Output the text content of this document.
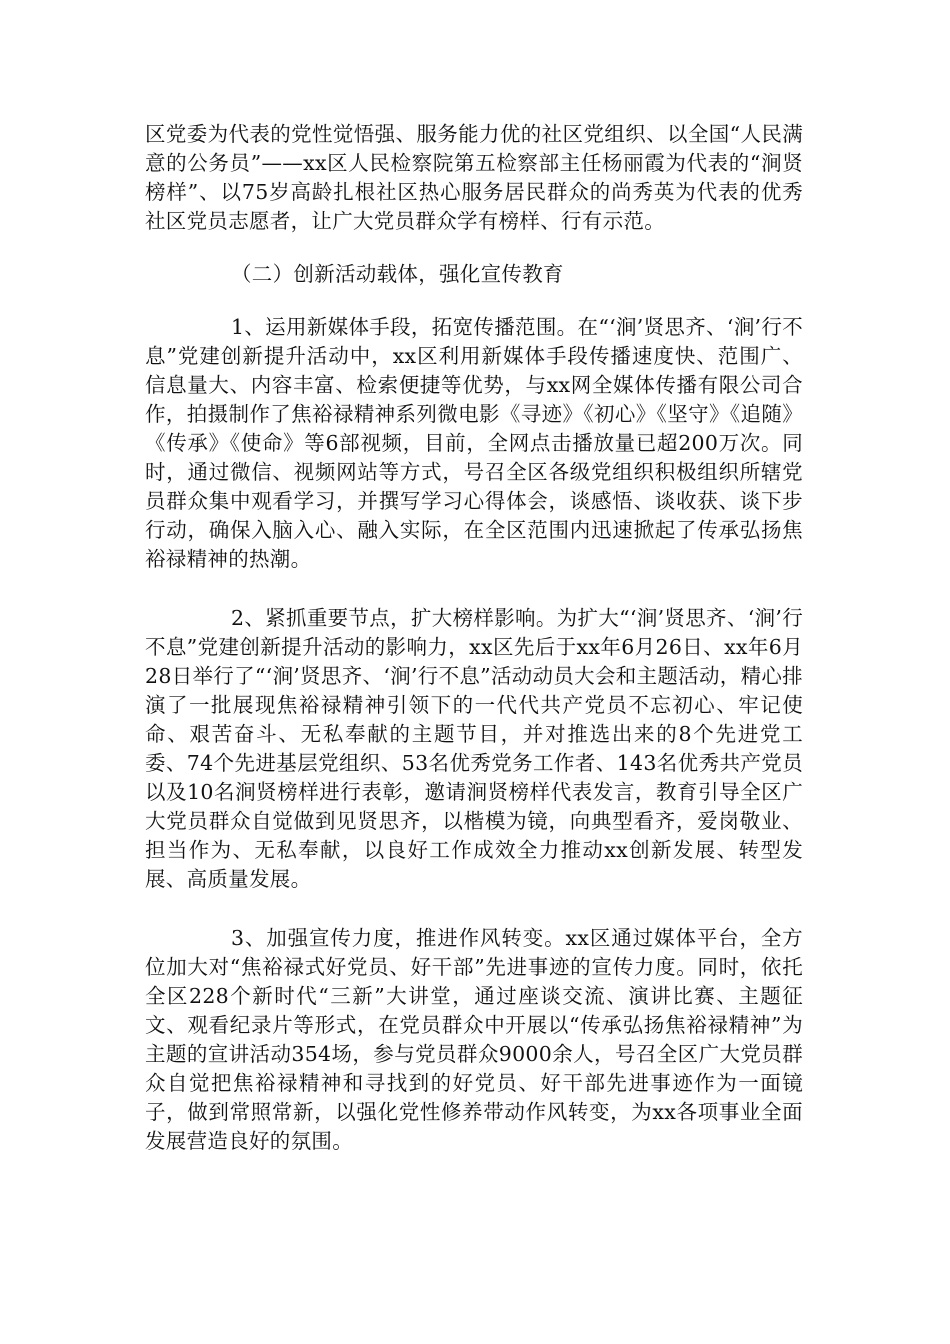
区党委为代表的党性觉悟强、服务能力优的社区党组织、以全国“人民满意的公务员”——xx区人民检察院第五检察部主任杨丽霞为代表的“涧贤榜样”、以75岁高龄扎根社区热心服务居民群众的尚秀英为代表的优秀社区党员志愿者，让广大党员群众学有榜样、行有示范。

（二）创新活动载体，强化宣传教育

1、运用新媒体手段，拓宽传播范围。在“‘涧’贤思齐、‘涧’行不息”党建创新提升活动中，xx区利用新媒体手段传播速度快、范围广、信息量大、内容丰富、检索便捷等优势，与xx网全媒体传播有限公司合作，拍摄制作了焦裕禄精神系列微电影《寻迹》《初心》《坚守》《追随》《传承》《使命》等6部视频，目前，全网点击播放量已超200万次。同时，通过微信、视频网站等方式，号召全区各级党组织积极组织所辖党员群众集中观看学习，并撰写学习心得体会，谈感悟、谈收获、谈下步行动，确保入脑入心、融入实际，在全区范围内迅速掀起了传承弘扬焦裕禄精神的热潮。

2、紧抓重要节点，扩大榜样影响。为扩大“‘涧’贤思齐、‘涧’行不息”党建创新提升活动的影响力，xx区先后于xx年6月26日、xx年6月28日举行了“‘涧’贤思齐、‘涧’行不息”活动动员大会和主题活动，精心排演了一批展现焦裕禄精神引领下的一代代共产党员不忘初心、牢记使命、艰苦奋斗、无私奉献的主题节目，并对推选出来的8个先进党工委、74个先进基层党组织、53名优秀党务工作者、143名优秀共产党员以及10名涧贤榜样进行表彰，邀请涧贤榜样代表发言，教育引导全区广大党员群众自觉做到见贤思齐，以楷模为镜，向典型看齐，爱岗敬业、担当作为、无私奉献，以良好工作成效全力推动xx创新发展、转型发展、高质量发展。

3、加强宣传力度，推进作风转变。xx区通过媒体平台，全方位加大对“焦裕禄式好党员、好干部”先进事迹的宣传力度。同时，依托全区228个新时代“三新”大讲堂，通过座谈交流、演讲比赛、主题征文、观看纪录片等形式，在党员群众中开展以“传承弘扬焦裕禄精神”为主题的宣讲活动354场，参与党员群众9000余人，号召全区广大党员群众自觉把焦裕禄精神和寻找到的好党员、好干部先进事迹作为一面镜子，做到常照常新，以强化党性修养带动作风转变，为xx各项事业全面发展营造良好的氛围。
